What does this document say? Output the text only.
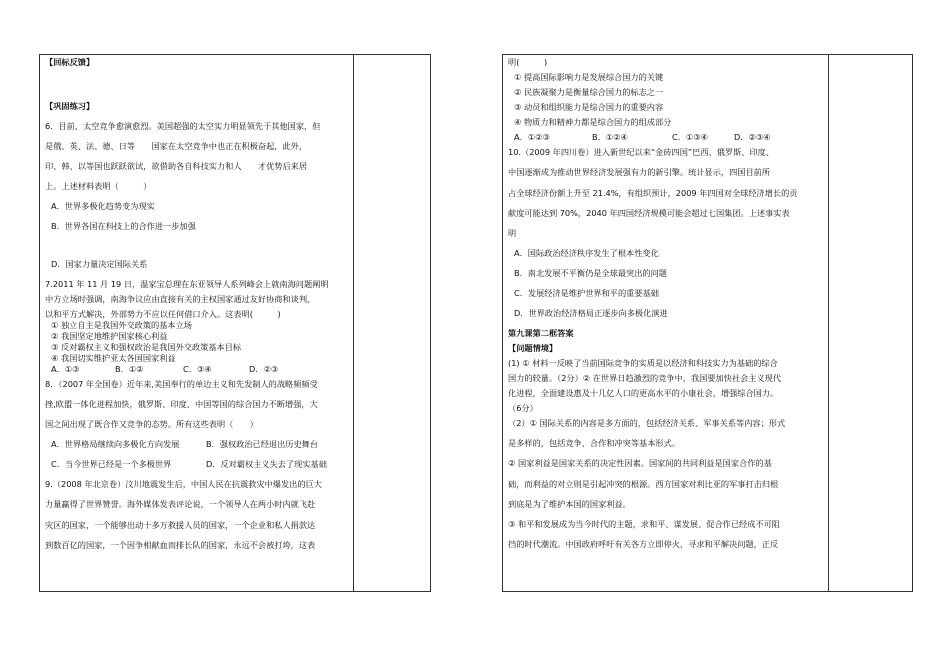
【回标反馈】
【巩固练习】
6．目前，太空竞争愈演愈烈。美国超强的太空实力明显领先于其他国家，但
是俄、英、法、德、日等　　国家在太空竞争中也正在积极奋起，此外，
印、韩、以等国也跃跃欲试，欲借助各自科技实力和人　　才优势后来居
上。上述材料表明（　　　）
A．世界多极化趋势变为现实
B．世界各国在科技上的合作进一步加强
D．国家力量决定国际关系
7.2011 年 11 月 19 日，温家宝总理在东亚领导人系列峰会上就南海问题阐明
中方立场时强调，南海争议应由直接有关的主权国家通过友好协商和谈判，
以和平方式解决，外部势力不应以任何借口介入。这表明(　　　)
① 独立自主是我国外交政策的基本立场
② 我国坚定地维护国家核心利益
③ 反对霸权主义和强权政治是我国外交政策基本目标
④ 我国切实维护亚太各国国家利益
A．①③	B．①②	C．③④	D．②③
8．（2007 年全国卷）近年来,美国奉行的单边主义和先发制人的战略频频受
挫,欧盟一体化进程加快，俄罗斯、印度、中国等国的综合国力不断增强，大
国之间出现了既合作又竞争的态势。所有这些表明（　　）
A．世界格局继续向多极化方向发展	B．强权政治已经退出历史舞台
C．当今世界已经是一个多极世界	D．反对霸权主义失去了现实基础
9.（2008 年北京卷）汶川地震发生后，中国人民在抗震救灾中爆发出的巨大
力量赢得了世界赞誉。海外媒体发表评论说，一个领导人在两小时内就飞赴
灾区的国家，一个能够出动十多万救援人员的国家，一个企业和私人捐款达
到数百亿的国家，一个因争相献血而排长队的国家，永远不会被打垮，这表
明(　　　)
① 提高国际影响力是发展综合国力的关键
② 民族凝聚力是衡量综合国力的标志之一
③ 动员和组织能力是综合国力的重要内容
④ 物质力和精神力都是综合国力的组成部分
A．①②③	B．①②④	C．①③④	D．②③④
10.（2009 年四川卷）进入新世纪以来“金砖四国”巴西、俄罗斯、印度、
中国逐渐成为推动世界经济发展强有力的新引擎。统计显示，四国目前所
占全球经济份额上升至 21.4%，有组织预计，2009 年四国对全球经济增长的贡
献度可能达到 70%，2040 年四国经济规模可能会超过七国集团。上述事实表
明
A．国际政治经济秩序发生了根本性变化
B．南北发展不平衡仍是全球最突出的问题
C．发展经济是维护世界和平的重要基础
D．世界政治经济格局正逐步向多极化演进
第九课第二框答案
【问题情境】
(1) ① 材料一反映了当前国际竞争的实质是以经济和科技实力为基础的综合
国力的较量。（2分）② 在世界日趋激烈的竞争中，我国要加快社会主义现代
化进程，全面建设惠及十几亿人口的更高水平的小康社会，增强综合国力。
（6分）
（2）① 国际关系的内容是多方面的，包括经济关系、军事关系等内容；形式
是多样的，包括竞争、合作和冲突等基本形式。
② 国家利益是国家关系的决定性因素。国家间的共同利益是国家合作的基
础，而利益的对立则是引起冲突的根源。西方国家对利比亚的军事打击归根
到底是为了维护本国的国家利益。
③ 和平和发展成为当今时代的主题，求和平、谋发展、促合作已经成不可阻
挡的时代潮流。中国政府呼吁有关各方立即停火，寻求和平解决问题，正反
